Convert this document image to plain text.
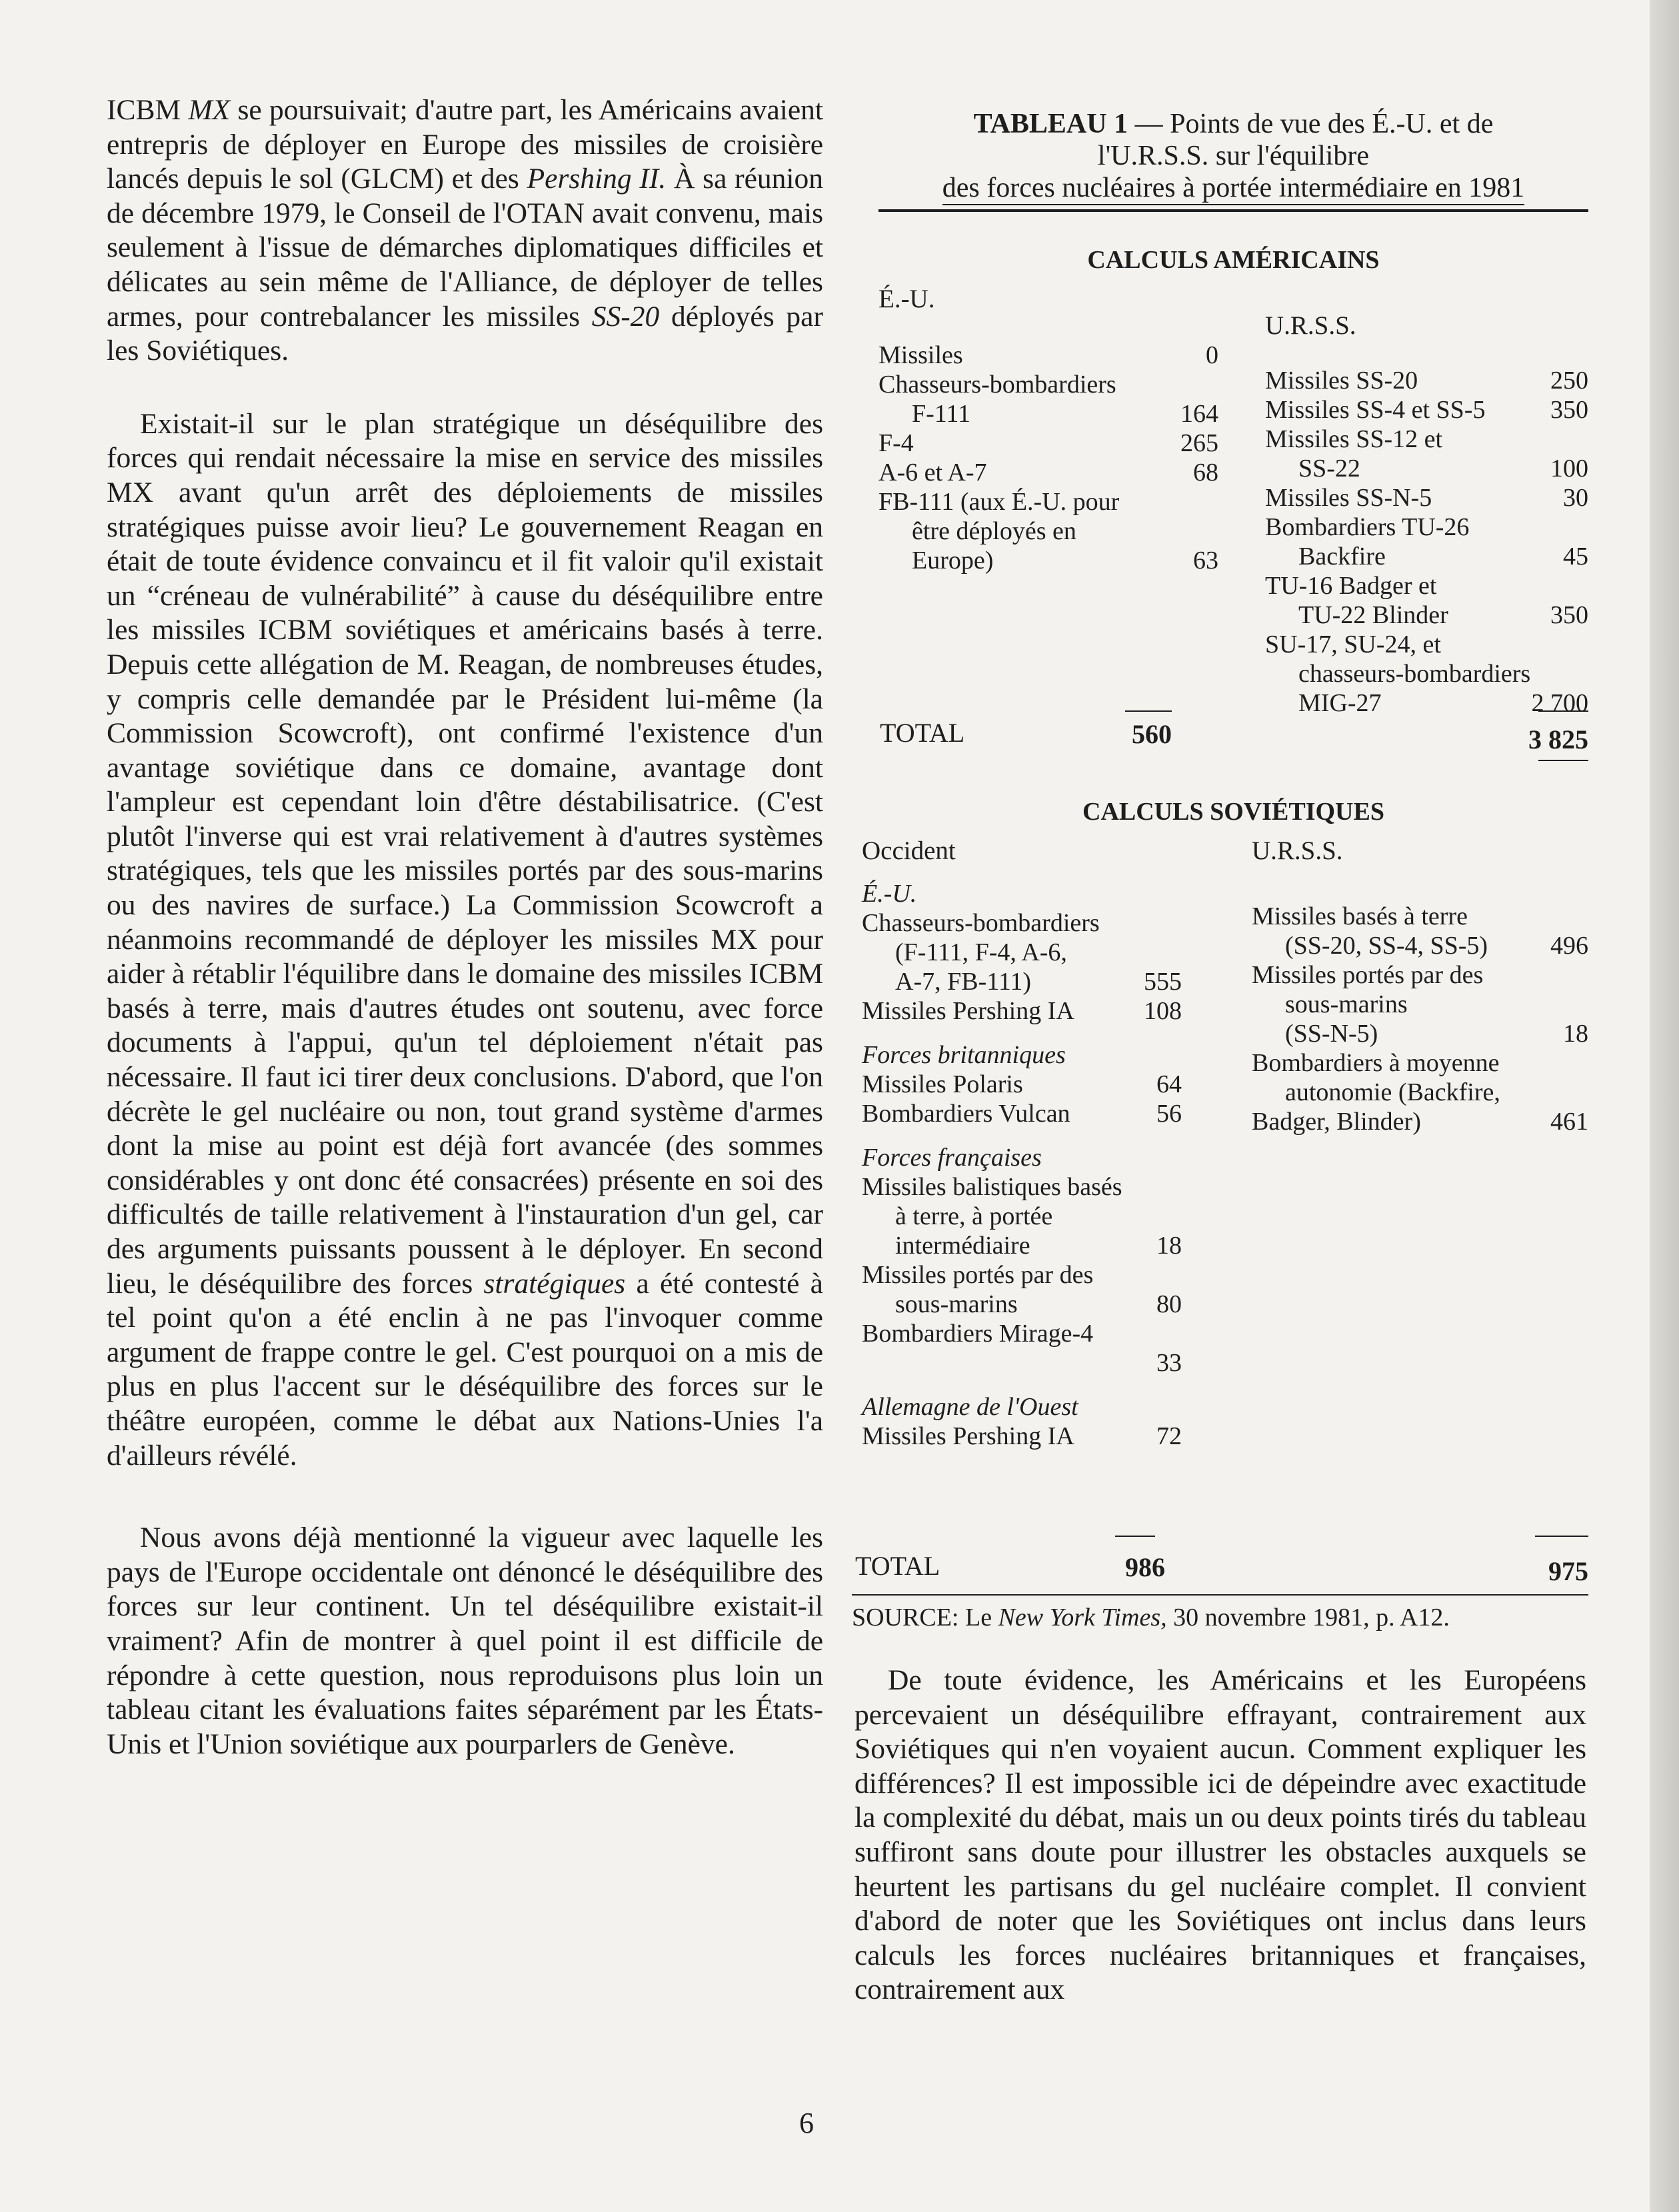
ICBM MX se poursuivait; d'autre part, les Américains avaient entrepris de déployer en Europe des missiles de croisière lancés depuis le sol (GLCM) et des Pershing II. À sa réunion de décembre 1979, le Conseil de l'OTAN avait convenu, mais seulement à l'issue de démarches diplomatiques difficiles et délicates au sein même de l'Alliance, de déployer de telles armes, pour contrebalancer les missiles SS-20 déployés par les Soviétiques.

Existait-il sur le plan stratégique un déséquilibre des forces qui rendait nécessaire la mise en service des missiles MX avant qu'un arrêt des déploiements de missiles stratégiques puisse avoir lieu? Le gouvernement Reagan en était de toute évidence convaincu et il fit valoir qu'il existait un “créneau de vulnérabilité” à cause du déséquilibre entre les missiles ICBM soviétiques et américains basés à terre. Depuis cette allégation de M. Reagan, de nombreuses études, y compris celle demandée par le Président lui-même (la Commission Scowcroft), ont confirmé l'existence d'un avantage soviétique dans ce domaine, avantage dont l'ampleur est cependant loin d'être déstabilisatrice. (C'est plutôt l'inverse qui est vrai relativement à d'autres systèmes stratégiques, tels que les missiles portés par des sous-marins ou des navires de surface.) La Commission Scowcroft a néanmoins recommandé de déployer les missiles MX pour aider à rétablir l'équilibre dans le domaine des missiles ICBM basés à terre, mais d'autres études ont soutenu, avec force documents à l'appui, qu'un tel déploiement n'était pas nécessaire. Il faut ici tirer deux conclusions. D'abord, que l'on décrète le gel nucléaire ou non, tout grand système d'armes dont la mise au point est déjà fort avancée (des sommes considérables y ont donc été consacrées) présente en soi des difficultés de taille relativement à l'instauration d'un gel, car des arguments puissants poussent à le déployer. En second lieu, le déséquilibre des forces stratégiques a été contesté à tel point qu'on a été enclin à ne pas l'invoquer comme argument de frappe contre le gel. C'est pourquoi on a mis de plus en plus l'accent sur le déséquilibre des forces sur le théâtre européen, comme le débat aux Nations-Unies l'a d'ailleurs révélé.

Nous avons déjà mentionné la vigueur avec laquelle les pays de l'Europe occidentale ont dénoncé le déséquilibre des forces sur leur continent. Un tel déséquilibre existait-il vraiment? Afin de montrer à quel point il est difficile de répondre à cette question, nous reproduisons plus loin un tableau citant les évaluations faites séparément par les États-Unis et l'Union soviétique aux pourparlers de Genève.

TABLEAU 1 — Points de vue des É.-U. et de
l'U.R.S.S. sur l'équilibre
des forces nucléaires à portée intermédiaire en 1981
CALCULS AMÉRICAINS
É.-U.
Missiles	0
Chasseurs-bombardiers
F-111	164
F-4	265
A-6 et A-7	68
FB-111 (aux É.-U. pour
être déployés en
Europe)	63
U.R.S.S.
Missiles SS-20	250
Missiles SS-4 et SS-5	350
Missiles SS-12 et
SS-22	100
Missiles SS-N-5	30
Bombardiers TU-26
Backfire	45
TU-16 Badger et
TU-22 Blinder	350
SU-17, SU-24, et
chasseurs-bombardiers
MIG-27	2 700
TOTAL	560	3 825
CALCULS SOVIÉTIQUES
Occident
É.-U.
Chasseurs-bombardiers
(F-111, F-4, A-6,
A-7, FB-111)	555
Missiles Pershing IA	108
Forces britanniques
Missiles Polaris	64
Bombardiers Vulcan	56
Forces françaises
Missiles balistiques basés
à terre, à portée
intermédiaire	18
Missiles portés par des
sous-marins	80
Bombardiers Mirage-4
33
Allemagne de l'Ouest
Missiles Pershing IA	72
U.R.S.S.
Missiles basés à terre
(SS-20, SS-4, SS-5)	496
Missiles portés par des
sous-marins
(SS-N-5)	18
Bombardiers à moyenne
autonomie (Backfire,
Badger, Blinder)	461
TOTAL	986	975
SOURCE: Le New York Times, 30 novembre 1981, p. A12.

De toute évidence, les Américains et les Européens percevaient un déséquilibre effrayant, contrairement aux Soviétiques qui n'en voyaient aucun. Comment expliquer les différences? Il est impossible ici de dépeindre avec exactitude la complexité du débat, mais un ou deux points tirés du tableau suffiront sans doute pour illustrer les obstacles auxquels se heurtent les partisans du gel nucléaire complet. Il convient d'abord de noter que les Soviétiques ont inclus dans leurs calculs les forces nucléaires britanniques et françaises, contrairement aux

6
